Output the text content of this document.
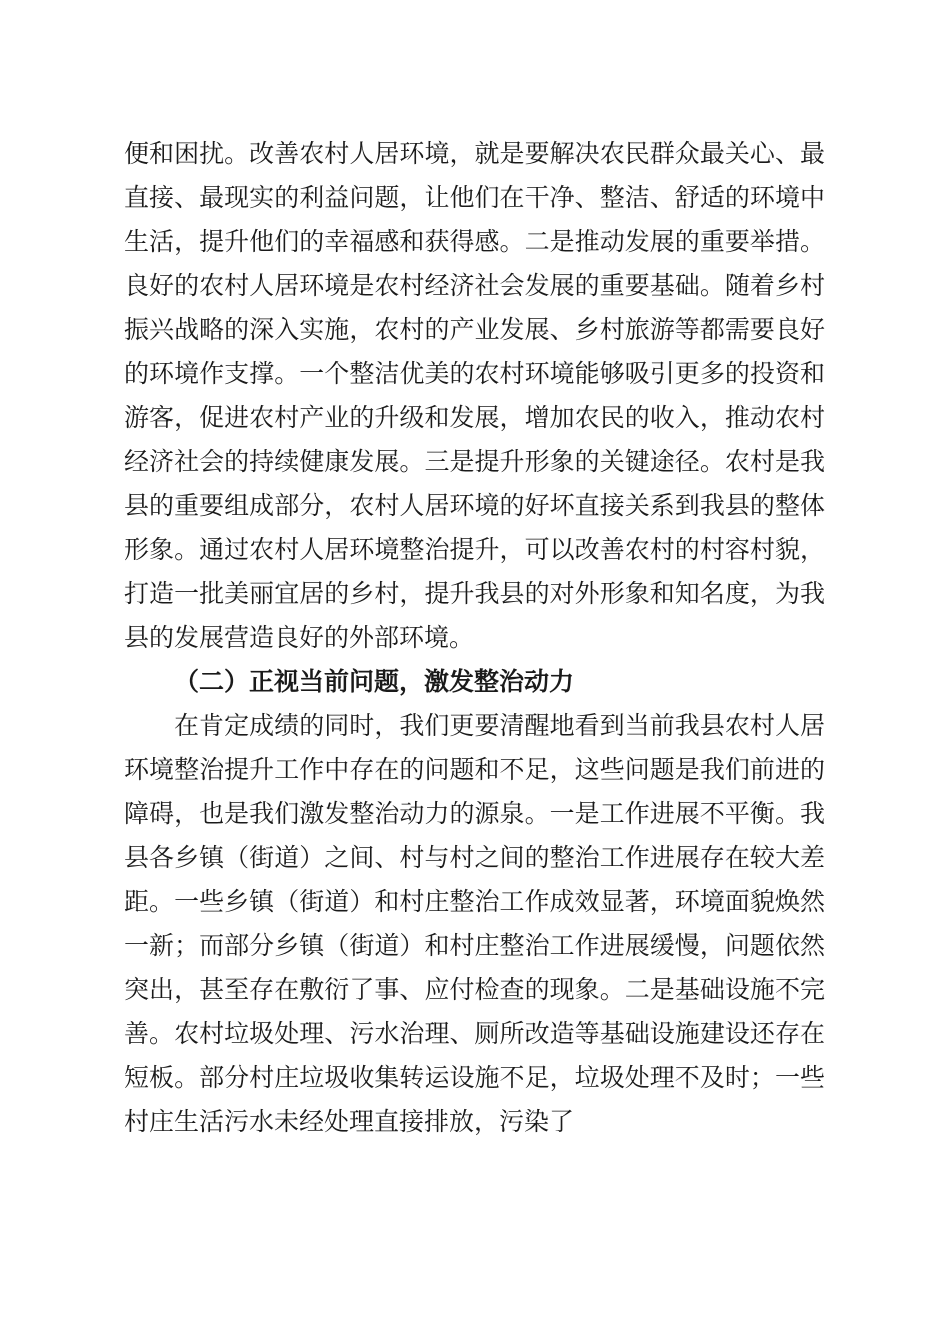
便和困扰。改善农村人居环境，就是要解决农民群众最关心、最直接、最现实的利益问题，让他们在干净、整洁、舒适的环境中生活，提升他们的幸福感和获得感。二是推动发展的重要举措。良好的农村人居环境是农村经济社会发展的重要基础。随着乡村振兴战略的深入实施，农村的产业发展、乡村旅游等都需要良好的环境作支撑。一个整洁优美的农村环境能够吸引更多的投资和游客，促进农村产业的升级和发展，增加农民的收入，推动农村经济社会的持续健康发展。三是提升形象的关键途径。农村是我县的重要组成部分，农村人居环境的好坏直接关系到我县的整体形象。通过农村人居环境整治提升，可以改善农村的村容村貌，打造一批美丽宜居的乡村，提升我县的对外形象和知名度，为我县的发展营造良好的外部环境。

（二）正视当前问题，激发整治动力

在肯定成绩的同时，我们更要清醒地看到当前我县农村人居环境整治提升工作中存在的问题和不足，这些问题是我们前进的障碍，也是我们激发整治动力的源泉。一是工作进展不平衡。我县各乡镇（街道）之间、村与村之间的整治工作进展存在较大差距。一些乡镇（街道）和村庄整治工作成效显著，环境面貌焕然一新；而部分乡镇（街道）和村庄整治工作进展缓慢，问题依然突出，甚至存在敷衍了事、应付检查的现象。二是基础设施不完善。农村垃圾处理、污水治理、厕所改造等基础设施建设还存在短板。部分村庄垃圾收集转运设施不足，垃圾处理不及时；一些村庄生活污水未经处理直接排放，污染了
